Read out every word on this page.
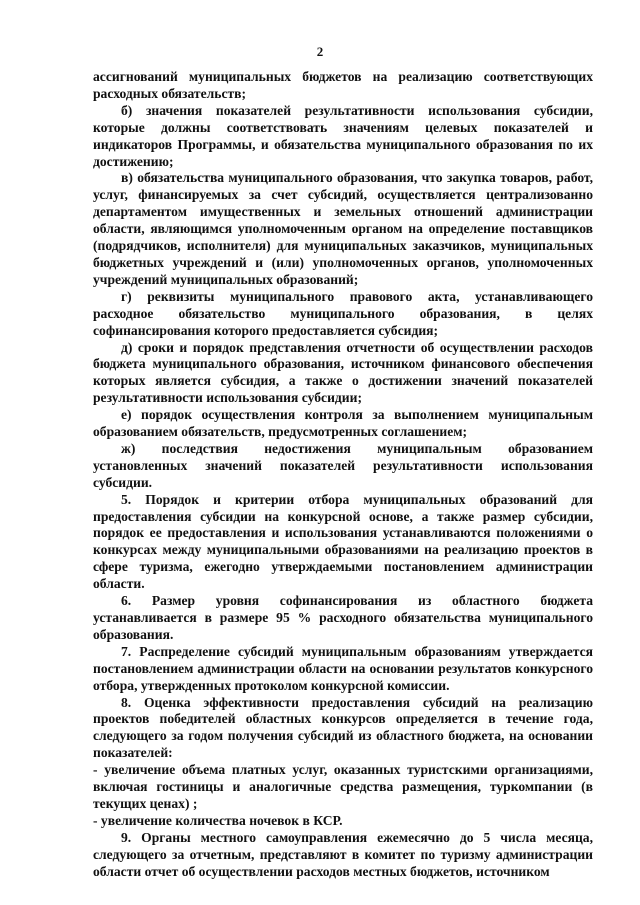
2

ассигнований муниципальных бюджетов на реализацию соответствующих расходных обязательств;

б) значения показателей результативности использования субсидии, которые должны соответствовать значениям целевых показателей и индикаторов Программы, и обязательства муниципального образования по их достижению;

в) обязательства муниципального образования, что закупка товаров, работ, услуг, финансируемых за счет субсидий, осуществляется централизованно департаментом имущественных и земельных отношений администрации области, являющимся уполномоченным органом на определение поставщиков (подрядчиков, исполнителя) для муниципальных заказчиков, муниципальных бюджетных учреждений и (или) уполномоченных органов, уполномоченных учреждений муниципальных образований;

г) реквизиты муниципального правового акта, устанавливающего расходное обязательство муниципального образования, в целях софинансирования которого предоставляется субсидия;

д) сроки и порядок представления отчетности об осуществлении расходов бюджета муниципального образования, источником финансового обеспечения которых является субсидия, а также о достижении значений показателей результативности использования субсидии;

е) порядок осуществления контроля за выполнением муниципальным образованием обязательств, предусмотренных соглашением;

ж) последствия недостижения муниципальным образованием установленных значений показателей результативности использования субсидии.

5. Порядок и критерии отбора муниципальных образований для предоставления субсидии на конкурсной основе, а также размер субсидии, порядок ее предоставления и использования устанавливаются положениями о конкурсах между муниципальными образованиями на реализацию проектов в сфере туризма, ежегодно утверждаемыми постановлением администрации области.

6. Размер уровня софинансирования из областного бюджета устанавливается в размере 95 % расходного обязательства муниципального образования.

7. Распределение субсидий муниципальным образованиям утверждается постановлением администрации области на основании результатов конкурсного отбора, утвержденных протоколом конкурсной комиссии.

8. Оценка эффективности предоставления субсидий на реализацию проектов победителей областных конкурсов определяется в течение года, следующего за годом получения субсидий из областного бюджета, на основании показателей:

- увеличение объема платных услуг, оказанных туристскими организациями, включая гостиницы и аналогичные средства размещения, туркомпании (в текущих ценах) ;

- увеличение количества ночевок в КСР.

9. Органы местного самоуправления ежемесячно до 5 числа месяца, следующего за отчетным, представляют в комитет по туризму администрации области отчет об осуществлении расходов местных бюджетов, источником
